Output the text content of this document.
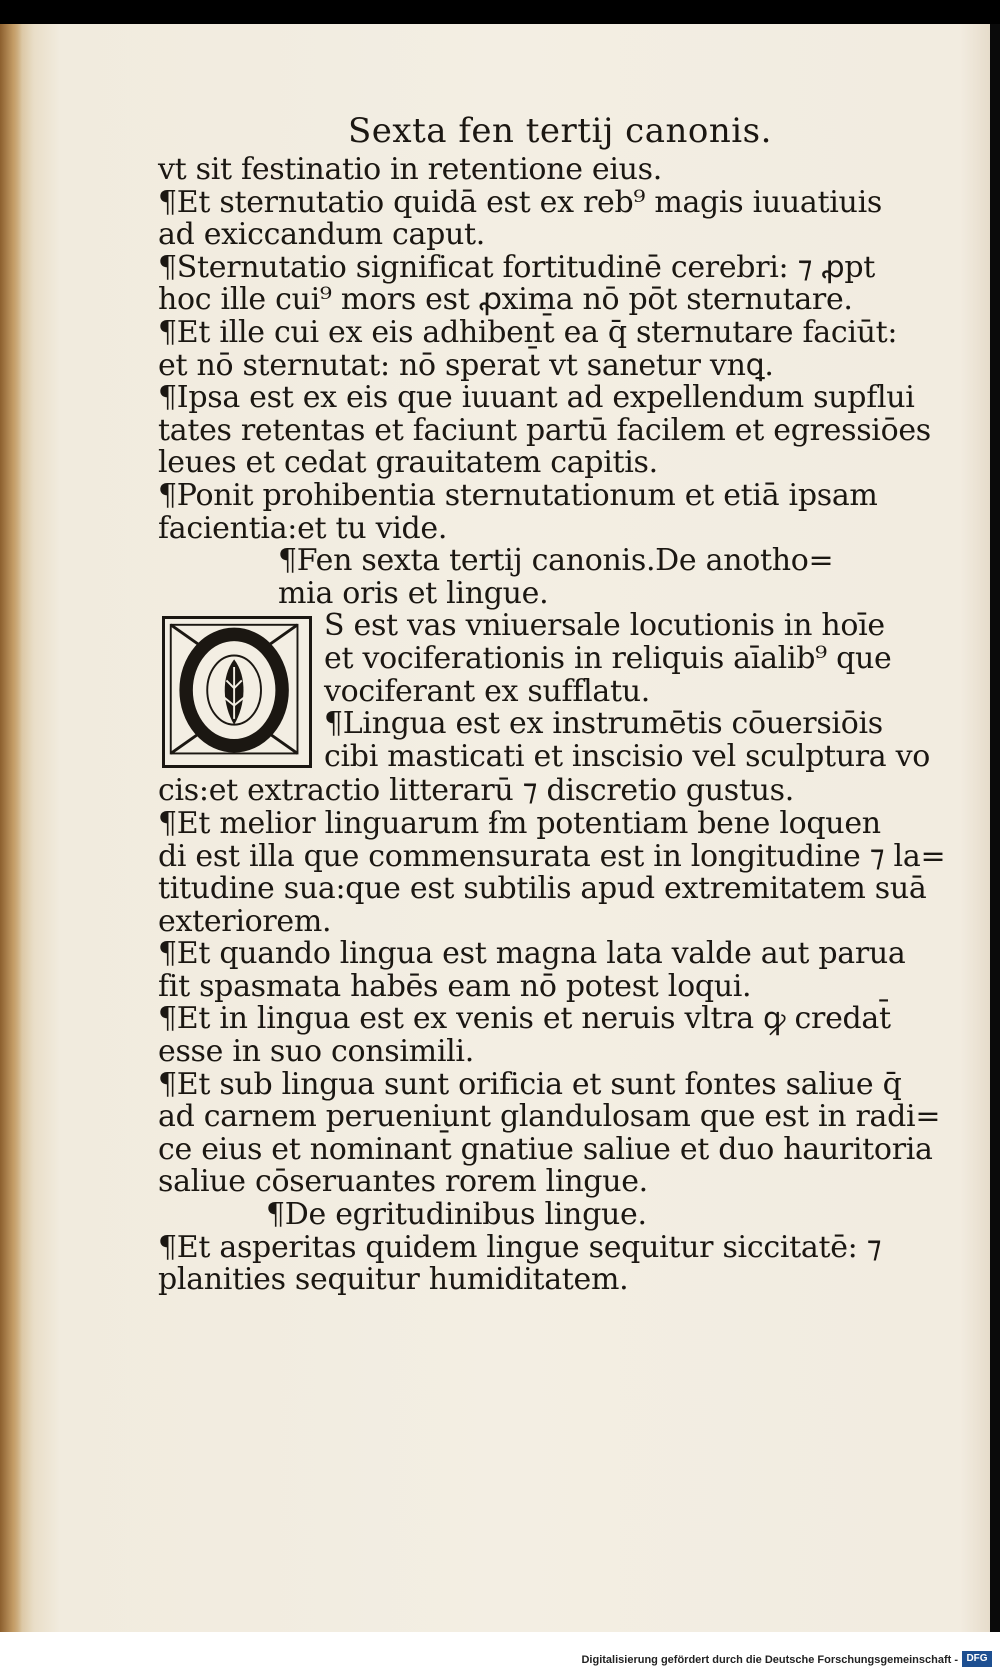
Sexta fen tertij canonis.
vt sit festinatio in retentione eius.
¶Et sternutatio quidā est ex reb⁹ magis iuuatiuis
ad exiccandum caput.
¶Sternutatio significat fortitudinē cerebri: ⁊ ꝓpt
hoc ille cui⁹ mors est ꝓxima nō pōt sternutare.
¶Et ille cui ex eis adhibent̄ ea q̄ sternutare faciūt:
et nō sternutat: nō sperat̄ vt sanetur vnꝗ.
¶Ipsa est ex eis que iuuant ad expellendum supflui
tates retentas et faciunt partū facilem et egressiōes
leues et cedat grauitatem capitis.
¶Ponit prohibentia sternutationum et etiā ipsam
facientia:et tu vide.
¶Fen sexta tertij canonis.De anotho=
mia oris et lingue.
S est vas vniuersale locutionis in hoīe
et vociferationis in reliquis aīalib⁹ que
vociferant ex sufflatu.
¶Lingua est ex instrumētis cōuersiōis
cibi masticati et inscisio vel sculptura vo
cis:et extractio litterarū ⁊ discretio gustus.
¶Et melior linguarum ẜm potentiam bene loquen
di est illa que commensurata est in longitudine ⁊ la=
titudine sua:que est subtilis apud extremitatem suā
exteriorem.
¶Et quando lingua est magna lata valde aut parua
fit spasmata habēs eam nō potest loqui.
¶Et in lingua est ex venis et neruis vltra ꝙ credat̄
esse in suo consimili.
¶Et sub lingua sunt orificia et sunt fontes saliue q̄
ad carnem perueniunt glandulosam que est in radi=
ce eius et nominant̄ gnatiue saliue et duo hauritoria
saliue cōseruantes rorem lingue.
¶De egritudinibus lingue.
¶Et asperitas quidem lingue sequitur siccitatē: ⁊
planities sequitur humiditatem.
Digitalisierung gefördert durch die Deutsche Forschungsgemeinschaft - DFG
